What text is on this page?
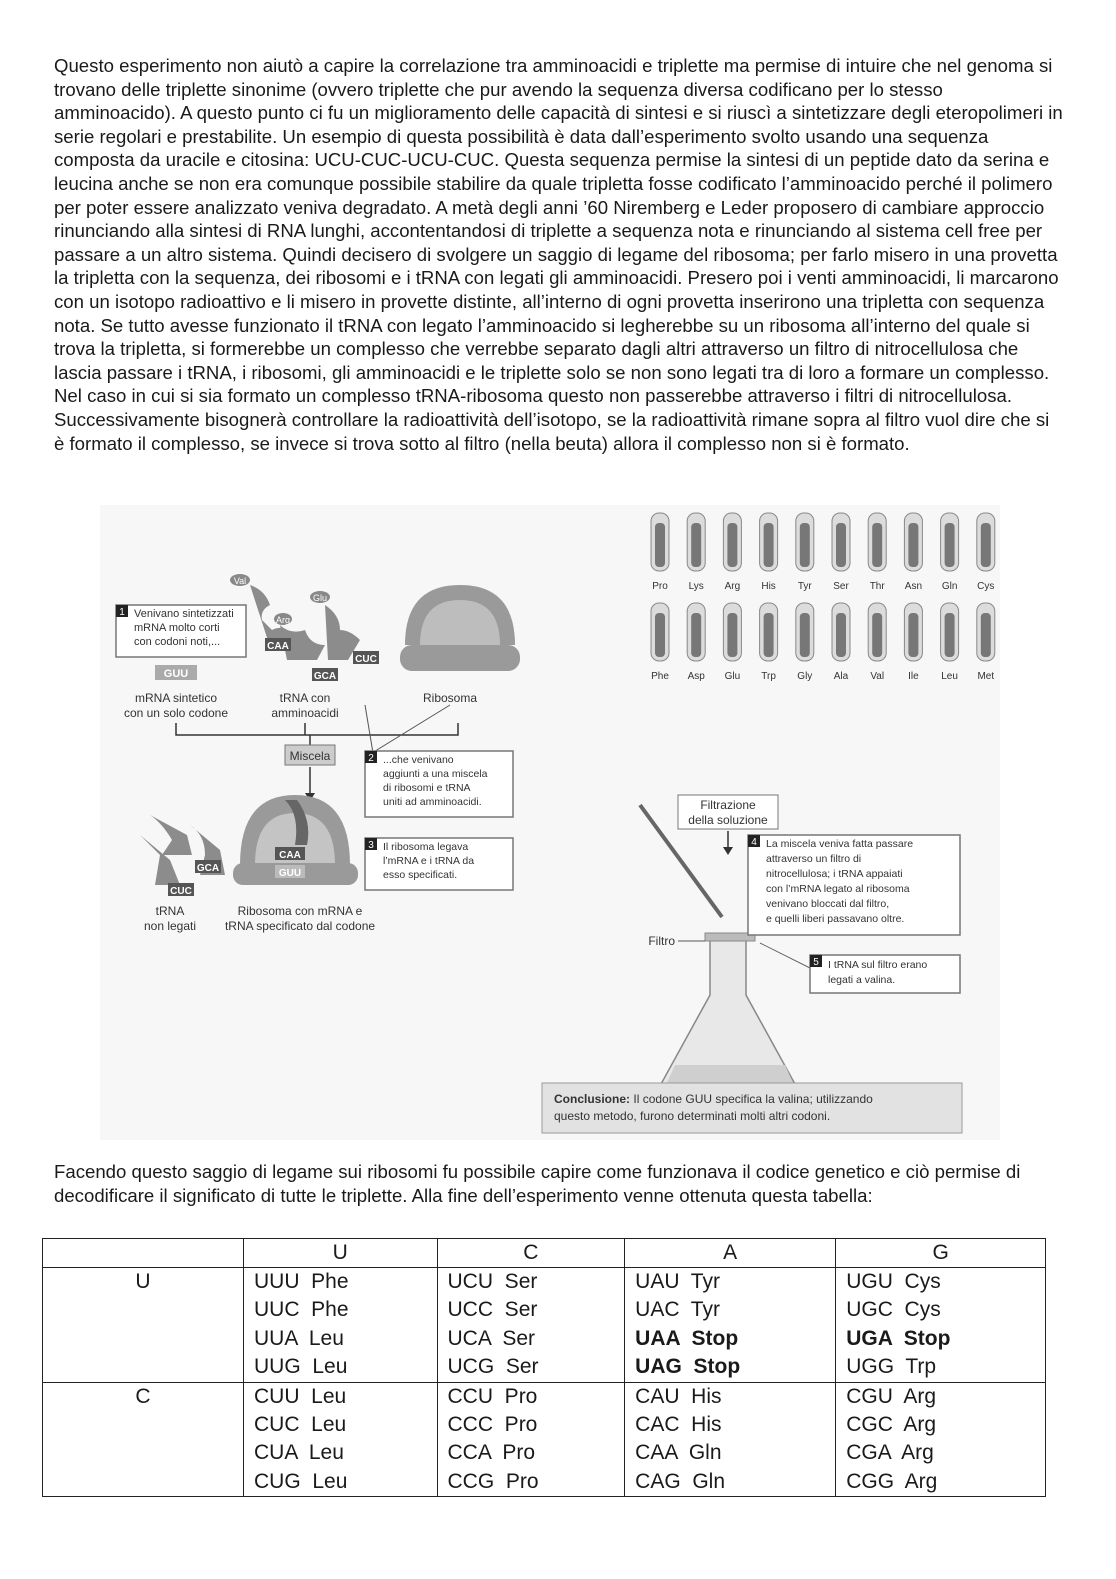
Questo esperimento non aiutò a capire la correlazione tra amminoacidi e triplette ma permise di intuire che nel genoma si trovano delle triplette sinonime (ovvero triplette che pur avendo la sequenza diversa codificano per lo stesso amminoacido). A questo punto ci fu un miglioramento delle capacità di sintesi e si riuscì a sintetizzare degli eteropolimeri in serie regolari e prestabilite. Un esempio di questa possibilità è data dall’esperimento svolto usando una sequenza composta da uracile e citosina: UCU-CUC-UCU-CUC. Questa sequenza permise la sintesi di un peptide dato da serina e leucina anche se non era comunque possibile stabilire da quale tripletta fosse codificato l’amminoacido perché il polimero per poter essere analizzato veniva degradato. A metà degli anni ’60 Niremberg e Leder proposero di cambiare approccio rinunciando alla sintesi di RNA lunghi, accontentandosi di triplette a sequenza nota e rinunciando al sistema cell free per passare a un altro sistema. Quindi decisero di svolgere un saggio di legame del ribosoma; per farlo misero in una provetta la tripletta con la sequenza, dei ribosomi e i tRNA con legati gli amminoacidi. Presero poi i venti amminoacidi, li marcarono con un isotopo radioattivo e li misero in provette distinte, all’interno di ogni provetta inserirono una tripletta con sequenza nota. Se tutto avesse funzionato il tRNA con legato l’amminoacido si legherebbe su un ribosoma all’interno del quale si trova la tripletta, si formerebbe un complesso che verrebbe separato dagli altri attraverso un filtro di nitrocellulosa che lascia passare i tRNA, i ribosomi, gli amminoacidi e le triplette solo se non sono legati tra di loro a formare un complesso. Nel caso in cui si sia formato un complesso tRNA-ribosoma questo non passerebbe attraverso i filtri di nitrocellulosa. Successivamente bisognerà controllare la radioattività dell’isotopo, se la radioattività rimane sopra al filtro vuol dire che si è formato il complesso, se invece si trova sotto al filtro (nella beuta) allora il complesso non si è formato.

Pro Lys Arg His Tyr Ser Thr Asn Gln Cys
Phe Asp Glu Trp Gly Ala Val Ile Leu Met
1 Venivano sintetizzati
mRNA molto corti
con codoni noti,...
GUU
mRNA sintetico
con un solo codone
Val
Glu
Arg
CAA
GCA
CUC
tRNA con
amminoacidi
Ribosoma
Miscela	2 ...che venivano
aggiunti a una miscela
di ribosomi e tRNA
uniti ad amminoacidi.
CUC
GCA
tRNA
non legati
CAA
GUU
Ribosoma con mRNA e
tRNA specificato dal codone
3 Il ribosoma legava
l’mRNA e i tRNA da
esso specificati.
Filtrazione
della soluzione
Filtro
4 La miscela veniva fatta passare
attraverso un filtro di
nitrocellulosa; i tRNA appaiati
con l’mRNA legato al ribosoma
venivano bloccati dal filtro,
e quelli liberi passavano oltre.
5 I tRNA sul filtro erano
legati a valina.
Conclusione: Il codone GUU specifica la valina; utilizzando
questo metodo, furono determinati molti altri codoni.

Facendo questo saggio di legame sui ribosomi fu possibile capire come funzionava il codice genetico e ciò permise di decodificare il significato di tutte le triplette. Alla fine dell’esperimento venne ottenuta questa tabella:

	U	C	A	G
U	UUU  Phe
UUC  Phe
UUA  Leu
UUG  Leu	UCU  Ser
UCC  Ser
UCA  Ser
UCG  Ser	UAU  Tyr
UAC  Tyr
UAA  Stop
UAG  Stop	UGU  Cys
UGC  Cys
UGA  Stop
UGG  Trp

C	CUU  Leu
CUC  Leu
CUA  Leu
CUG  Leu	CCU  Pro
CCC  Pro
CCA  Pro
CCG  Pro	CAU  His
CAC  His
CAA  Gln
CAG  Gln	CGU  Arg
CGC  Arg
CGA  Arg
CGG  Arg
